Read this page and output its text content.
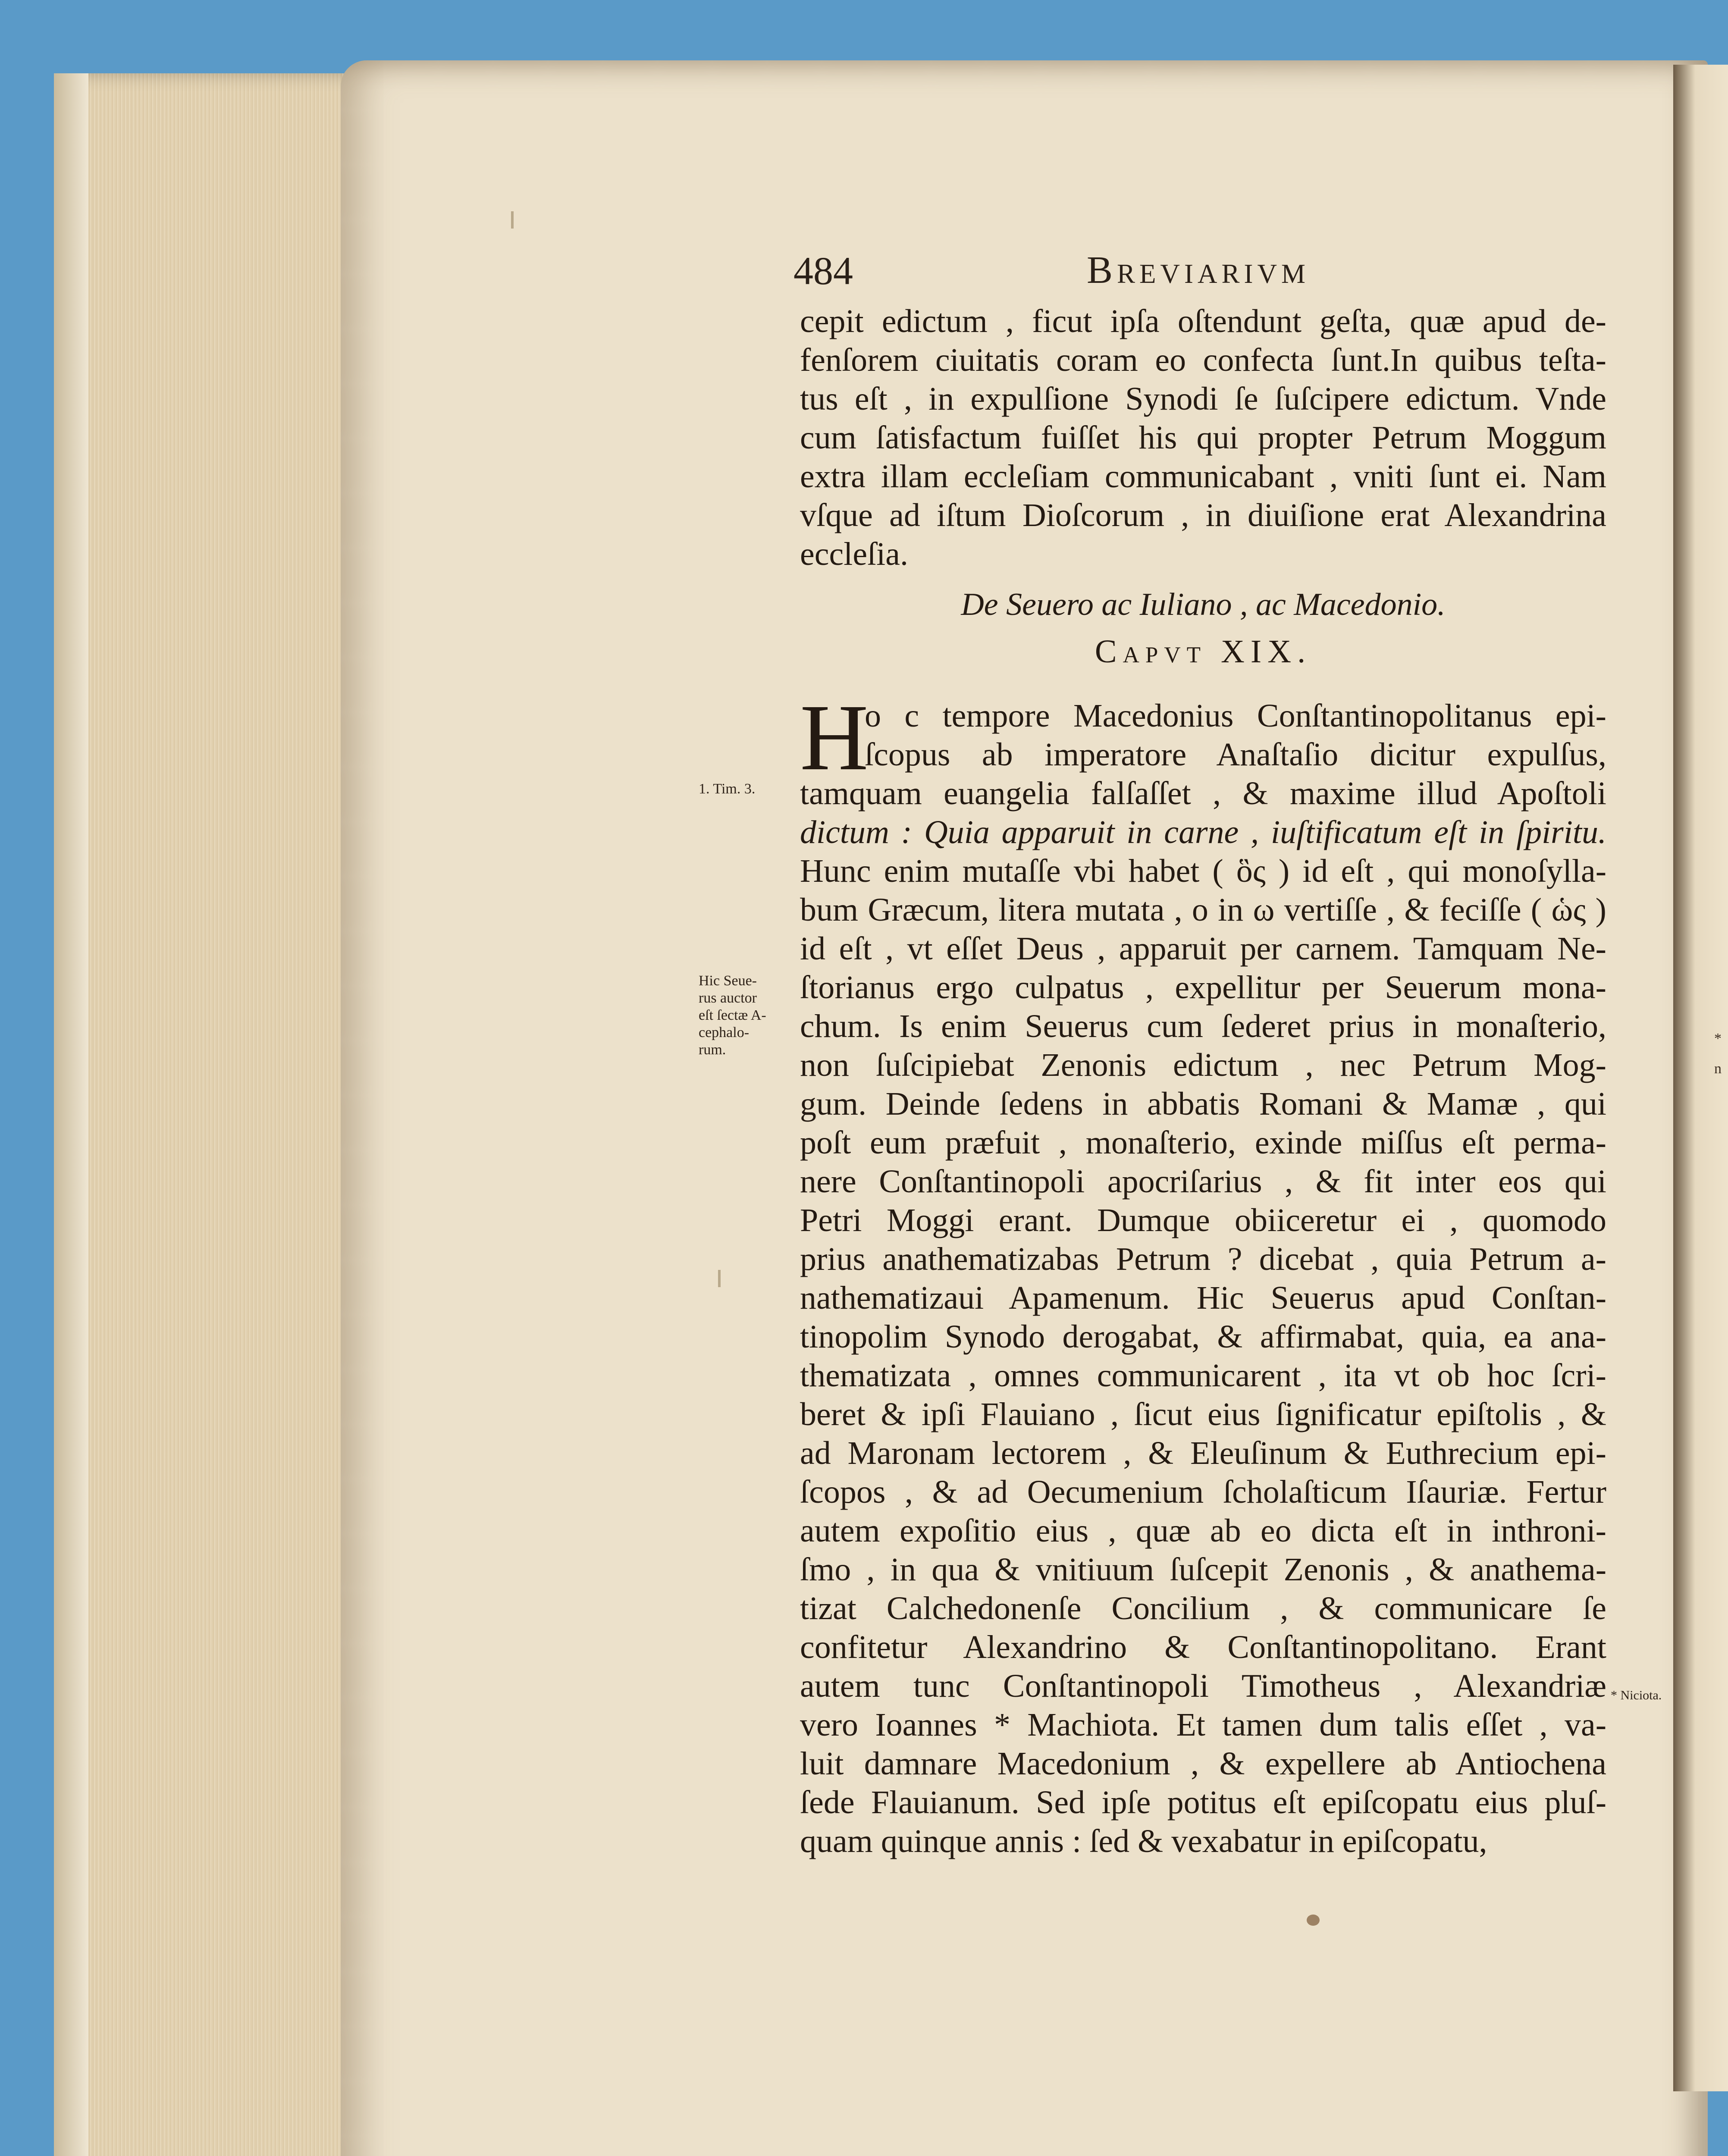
*
n
484	Breviarivm
cepit edictum , ficut ipſa oſtendunt geſta, quæ apud de-
fenſorem ciuitatis coram eo confecta ſunt.In quibus teſta-
tus eſt , in expulſione Synodi ſe ſuſcipere edictum. Vnde
cum ſatisfactum fuiſſet his qui propter Petrum Moggum
extra illam eccleſiam communicabant , vniti ſunt ei. Nam
vſque ad iſtum Dioſcorum , in diuiſione erat Alexandrina
eccleſia.
De Seuero ac Iuliano , ac Macedonio.
Capvt XIX.
H
o c tempore Macedonius Conſtantinopolitanus epi-
ſcopus ab imperatore Anaſtaſio dicitur expulſus,
tamquam euangelia falſaſſet , & maxime illud Apoſtoli
dictum : Quia apparuit in carne , iuſtificatum eſt in ſpiritu.
Hunc enim mutaſſe vbi habet ( ὃς ) id eſt , qui monoſylla-
bum Græcum, litera mutata , o in ω vertiſſe , & feciſſe ( ὡς )
id eſt , vt eſſet Deus , apparuit per carnem. Tamquam Ne-
ſtorianus ergo culpatus , expellitur per Seuerum mona-
chum. Is enim Seuerus cum ſederet prius in monaſterio,
non ſuſcipiebat Zenonis edictum , nec Petrum Mog-
gum. Deinde ſedens in abbatis Romani & Mamæ , qui
poſt eum præfuit , monaſterio, exinde miſſus eſt perma-
nere Conſtantinopoli apocriſarius , & fit inter eos qui
Petri Moggi erant. Dumque obiiceretur ei , quomodo
prius anathematizabas Petrum ? dicebat , quia Petrum a-
nathematizaui Apamenum. Hic Seuerus apud Conſtan-
tinopolim Synodo derogabat, & affirmabat, quia, ea ana-
thematizata , omnes communicarent , ita vt ob hoc ſcri-
beret & ipſi Flauiano , ſicut eius ſignificatur epiſtolis , &
ad Maronam lectorem , & Eleuſinum & Euthrecium epi-
ſcopos , & ad Oecumenium ſcholaſticum Iſauriæ. Fertur
autem expoſitio eius , quæ ab eo dicta eſt in inthroni-
ſmo , in qua & vnitiuum ſuſcepit Zenonis , & anathema-
tizat Calchedonenſe Concilium , & communicare ſe
confitetur Alexandrino & Conſtantinopolitano. Erant
autem tunc Conſtantinopoli Timotheus , Alexandriæ
vero Ioannes * Machiota. Et tamen dum talis eſſet , va-
luit damnare Macedonium , & expellere ab Antiochena
ſede Flauianum. Sed ipſe potitus eſt epiſcopatu eius pluſ-
quam quinque annis : ſed & vexabatur in epiſcopatu,
1. Tim. 3.
Hic Seue-
rus auctor
eſt ſectæ A-
cephalo-
rum.
* Niciota.
